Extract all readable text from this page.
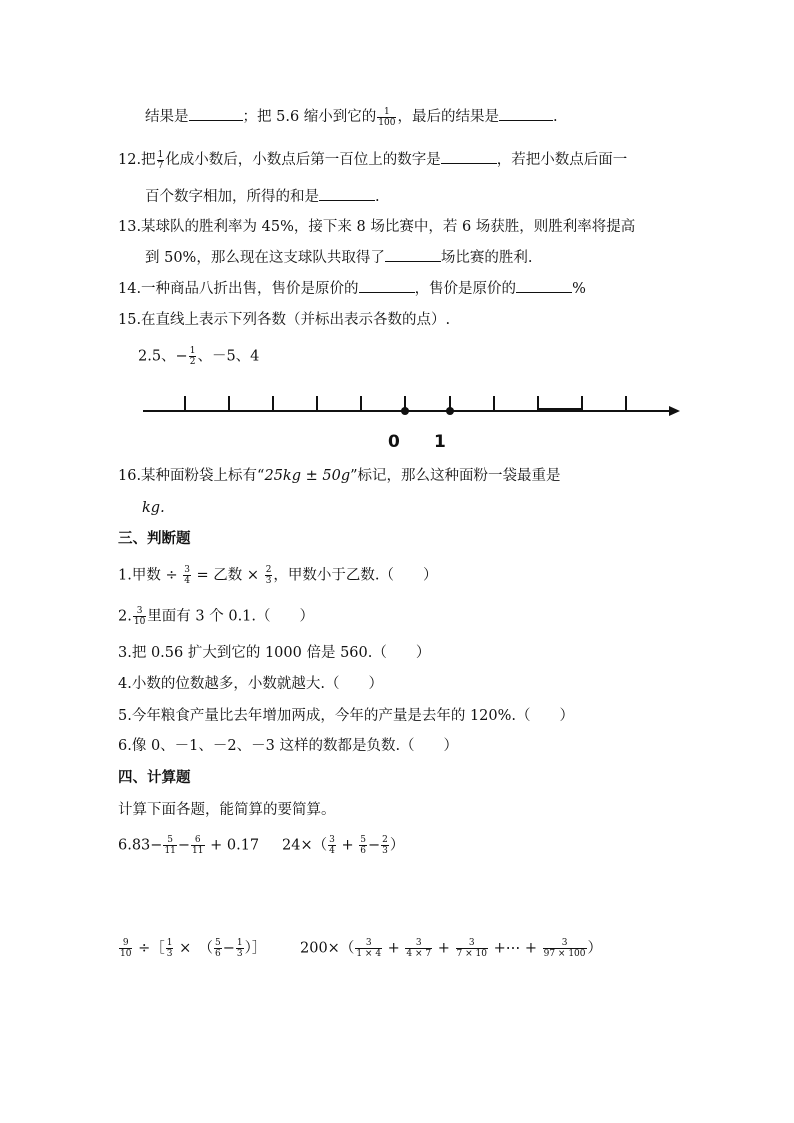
结果是	；把 5.6 缩小到它的 $\frac{1}{100}$ ，最后的结果是	.
12.把 $\frac{1}{7}$ 化成小数后，小数点后第一百位上的数字是	，若把小数点后面一
百个数字相加，所得的和是	.
13.某球队的胜利率为 45%，接下来 8 场比赛中，若 6 场获胜，则胜利率将提高
到 50%，那么现在这支球队共取得了	场比赛的胜利.
14.一种商品八折出售，售价是原价的	，售价是原价的	%
15.在直线上表示下列各数（并标出表示各数的点）.
2.5、− $\frac{1}{2}$ 、－5、4
0 1
16.某种面粉袋上标有“25kg ± 50g”标记，那么这种面粉一袋最重是
kg.
三、判断题
1.甲数 ÷ $\frac{3}{4}$ = 乙数 × $\frac{2}{3}$ ，甲数小于乙数.（　　）
2. $\frac{3}{10}$ 里面有 3 个 0.1.（　　）
3.把 0.56 扩大到它的 1000 倍是 560.（　　）
4.小数的位数越多，小数就越大.（　　）
5.今年粮食产量比去年增加两成，今年的产量是去年的 120%.（　　）
6.像 0、－1、－2、－3 这样的数都是负数.（　　）
四、计算题
计算下面各题，能简算的要简算。
$6.83- \frac{5}{11} - \frac{6}{11} + 0.17$ $24\times( \frac{3}{4} + \frac{5}{6} - \frac{2}{3}$ ）
$\frac{9}{10}$ ÷［ $\frac{1}{3}$ ×　（ $\frac{5}{6} - \frac{1}{3}$ ）］ $200\times( \frac{3}{1 \times 4} + \frac{3}{4 \times 7} + \frac{3}{7 \times 10}$ +⋯ + $\frac{3}{97 \times 100}$ ）
